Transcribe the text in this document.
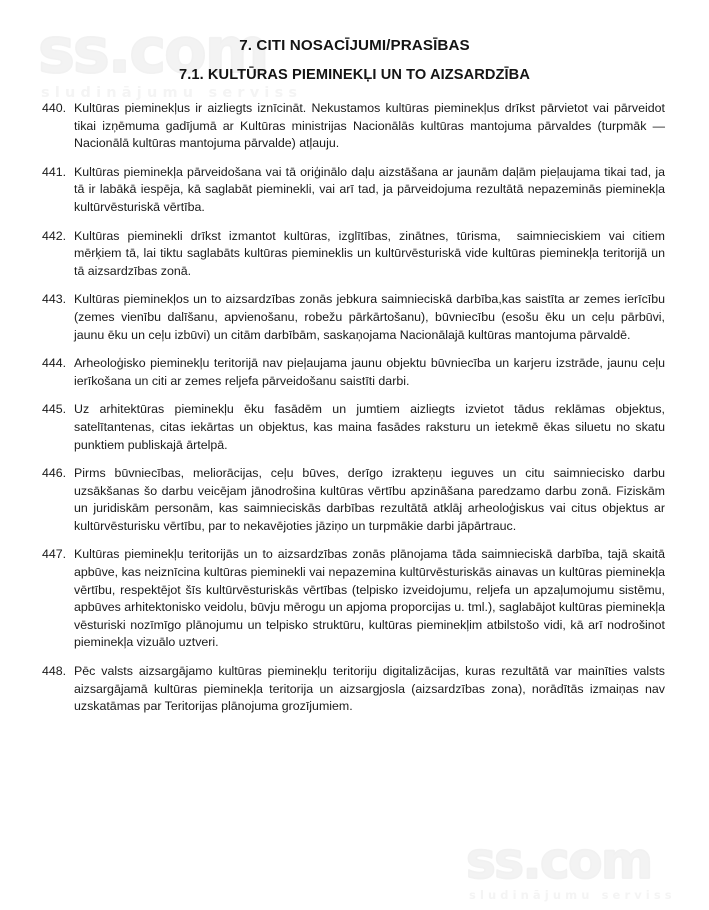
ss.com
sludinājumu serviss
ss.com
sludinājumu serviss
7. CITI NOSACĪJUMI/PRASĪBAS
7.1. KULTŪRAS PIEMINEKĻI UN TO AIZSARDZĪBA
440. Kultūras pieminekļus ir aizliegts iznīcināt. Nekustamos kultūras pieminekļus drīkst pārvietot vai pārveidot tikai izņēmuma gadījumā ar Kultūras ministrijas Nacionālās kultūras mantojuma pārvaldes (turpmāk — Nacionālā kultūras mantojuma pārvalde) atļauju.
441. Kultūras pieminekļa pārveidošana vai tā oriģinālo daļu aizstāšana ar jaunām daļām pieļaujama tikai tad, ja tā ir labākā iespēja, kā saglabāt pieminekli, vai arī tad, ja pārveidojuma rezultātā nepazeminās pieminekļa kultūrvēsturiskā vērtība.
442. Kultūras pieminekli drīkst izmantot kultūras, izglītības, zinātnes, tūrisma,  saimnieciskiem vai citiem mērķiem tā, lai tiktu saglabāts kultūras piemineklis un kultūrvēsturiskā vide kultūras pieminekļa teritorijā un tā aizsardzības zonā.
443. Kultūras pieminekļos un to aizsardzības zonās jebkura saimnieciskā darbība,kas saistīta ar zemes ierīcību (zemes vienību dalīšanu, apvienošanu, robežu pārkārtošanu), būvniecību (esošu ēku un ceļu pārbūvi, jaunu ēku un ceļu izbūvi) un citām darbībām, saskaņojama Nacionālajā kultūras mantojuma pārvaldē.
444. Arheoloģisko pieminekļu teritorijā nav pieļaujama jaunu objektu būvniecība un karjeru izstrāde, jaunu ceļu ierīkošana un citi ar zemes reljefa pārveidošanu saistīti darbi.
445. Uz arhitektūras pieminekļu ēku fasādēm un jumtiem aizliegts izvietot tādus reklāmas objektus, satelītantenas, citas iekārtas un objektus, kas maina fasādes raksturu un ietekmē ēkas siluetu no skatu punktiem publiskajā ārtelpā.
446. Pirms būvniecības, meliorācijas, ceļu būves, derīgo izrakteņu ieguves un citu saimniecisko darbu uzsākšanas šo darbu veicējam jānodrošina kultūras vērtību apzināšana paredzamo darbu zonā. Fiziskām un juridiskām personām, kas saimnieciskās darbības rezultātā atklāj arheoloģiskus vai citus objektus ar  kultūrvēsturisku vērtību, par to nekavējoties jāziņo un turpmākie darbi jāpārtrauc.
447. Kultūras pieminekļu teritorijās un to aizsardzības zonās plānojama tāda saimnieciskā darbība, tajā skaitā apbūve, kas neiznīcina kultūras pieminekli vai nepazemina kultūrvēsturiskās ainavas un kultūras pieminekļa vērtību, respektējot šīs kultūrvēsturiskās vērtības (telpisko izveidojumu, reljefa un apzaļumojumu sistēmu, apbūves arhitektonisko veidolu, būvju mērogu un apjoma proporcijas u. tml.), saglabājot kultūras pieminekļa vēsturiski nozīmīgo plānojumu un telpisko struktūru, kultūras pieminekļim atbilstošo vidi, kā arī nodrošinot pieminekļa vizuālo uztveri.
448. Pēc valsts aizsargājamo kultūras pieminekļu teritoriju digitalizācijas, kuras rezultātā var mainīties valsts aizsargājamā kultūras pieminekļa teritorija un aizsargjosla (aizsardzības zona), norādītās izmaiņas nav uzskatāmas par Teritorijas plānojuma grozījumiem.
